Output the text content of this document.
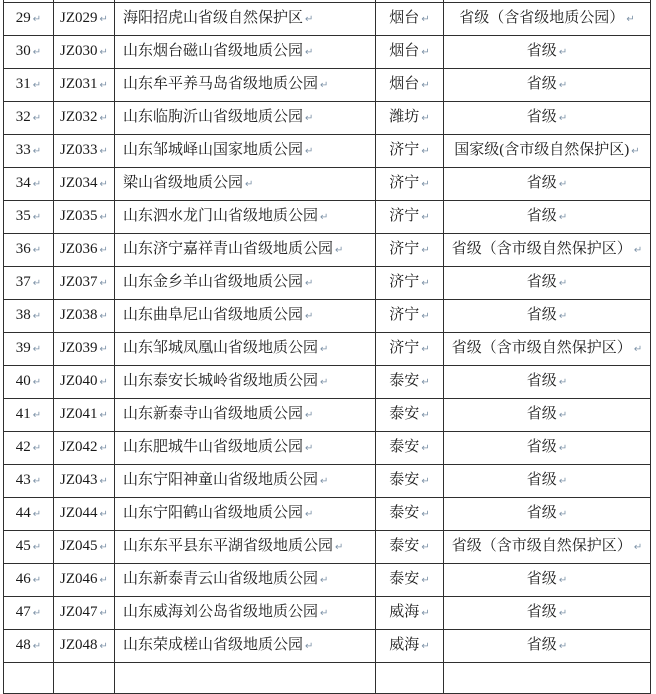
29 ↵	JZ029 ↵	海阳招虎山省级自然保护区 ↵	烟台 ↵	省级（含省级地质公园） ↵
30 ↵	JZ030 ↵	山东烟台磁山省级地质公园 ↵	烟台 ↵	省级 ↵
31 ↵	JZ031 ↵	山东牟平养马岛省级地质公园 ↵	烟台 ↵	省级 ↵
32 ↵	JZ032 ↵	山东临朐沂山省级地质公园 ↵	潍坊 ↵	省级 ↵
33 ↵	JZ033 ↵	山东邹城峄山国家地质公园 ↵	济宁 ↵	国家级(含市级自然保护区) ↵
34 ↵	JZ034 ↵	梁山省级地质公园 ↵	济宁 ↵	省级 ↵
35 ↵	JZ035 ↵	山东泗水龙门山省级地质公园 ↵	济宁 ↵	省级 ↵
36 ↵	JZ036 ↵	山东济宁嘉祥青山省级地质公园 ↵	济宁 ↵	省级（含市级自然保护区） ↵
37 ↵	JZ037 ↵	山东金乡羊山省级地质公园 ↵	济宁 ↵	省级 ↵
38 ↵	JZ038 ↵	山东曲阜尼山省级地质公园 ↵	济宁 ↵	省级 ↵
39 ↵	JZ039 ↵	山东邹城凤凰山省级地质公园 ↵	济宁 ↵	省级（含市级自然保护区） ↵
40 ↵	JZ040 ↵	山东泰安长城岭省级地质公园 ↵	泰安 ↵	省级 ↵
41 ↵	JZ041 ↵	山东新泰寺山省级地质公园 ↵	泰安 ↵	省级 ↵
42 ↵	JZ042 ↵	山东肥城牛山省级地质公园 ↵	泰安 ↵	省级 ↵
43 ↵	JZ043 ↵	山东宁阳神童山省级地质公园 ↵	泰安 ↵	省级 ↵
44 ↵	JZ044 ↵	山东宁阳鹤山省级地质公园 ↵	泰安 ↵	省级 ↵
45 ↵	JZ045 ↵	山东东平县东平湖省级地质公园 ↵	泰安 ↵	省级（含市级自然保护区） ↵
46 ↵	JZ046 ↵	山东新泰青云山省级地质公园 ↵	泰安 ↵	省级 ↵
47 ↵	JZ047 ↵	山东威海刘公岛省级地质公园 ↵	威海 ↵	省级 ↵
48 ↵	JZ048 ↵	山东荣成槎山省级地质公园 ↵	威海 ↵	省级 ↵
